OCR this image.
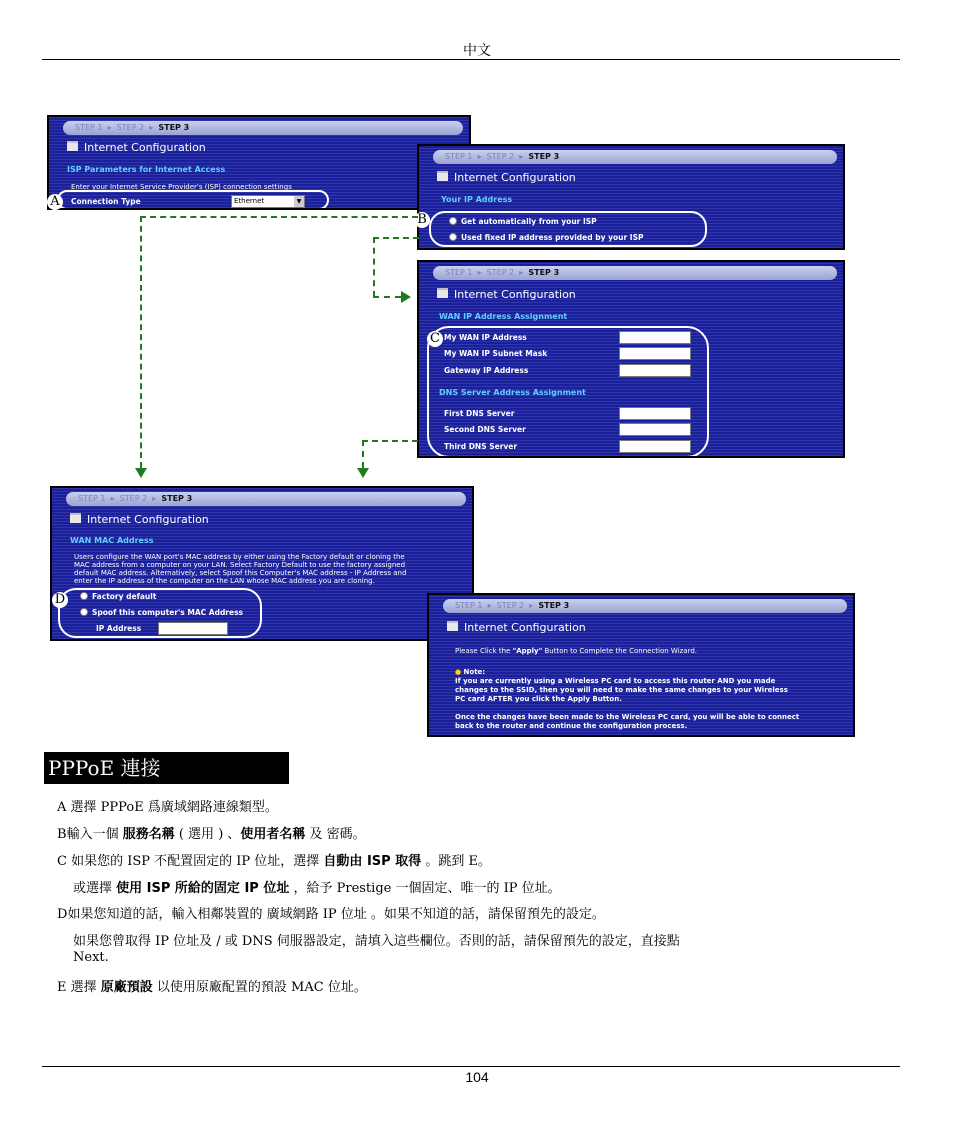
中文
STEP 1  ▸  STEP 2  ▸  STEP 3
Internet Configuration
ISP Parameters for Internet Access
Enter your Internet Service Provider's (ISP) connection settings
Connection Type	Ethernet	▼
A
STEP 1  ▸  STEP 2  ▸  STEP 3
Internet Configuration
Your IP Address
Get automatically from your ISP
Used fixed IP address provided by your ISP
B
STEP 1  ▸  STEP 2  ▸  STEP 3
Internet Configuration
WAN IP Address Assignment
My WAN IP Address
My WAN IP Subnet Mask
Gateway IP Address
DNS Server Address Assignment
First DNS Server
Second DNS Server
Third DNS Server
C
STEP 1  ▸  STEP 2  ▸  STEP 3
Internet Configuration
WAN MAC Address
Users configure the WAN port's MAC address by either using the Factory default or cloning the
MAC address from a computer on your LAN. Select Factory Default to use the factory assigned
default MAC address. Alternatively, select Spoof this Computer's MAC address - IP Address and
enter the IP address of the computer on the LAN whose MAC address you are cloning.
Factory default
Spoof this computer's MAC Address
IP Address
D	STEP 1  ▸  STEP 2  ▸  STEP 3
Internet Configuration
Please Click the "Apply" Button to Complete the Connection Wizard.
● Note:
If you are currently using a Wireless PC card to access this router AND you made
changes to the SSID, then you will need to make the same changes to your Wireless
PC card AFTER you click the Apply Button.
Once the changes have been made to the Wireless PC card, you will be able to connect
back to the router and continue the configuration process.
PPPoE 連接
A 選擇 PPPoE 爲廣域網路連線類型。
B輸入一個 服務名稱 ( 選用 ) 、使用者名稱 及 密碼。
C 如果您的 ISP 不配置固定的 IP 位址，選擇 自動由 ISP 取得 。跳到 E。
或選擇 使用 ISP 所給的固定 IP 位址 ，給予 Prestige 一個固定、唯一的 IP 位址。
D如果您知道的話，輸入相鄰裝置的 廣域網路 IP 位址 。如果不知道的話，請保留預先的設定。
如果您曾取得 IP 位址及 / 或 DNS 伺服器設定，請填入這些欄位。否則的話，請保留預先的設定，直接點
Next.
E 選擇 原廠預設 以使用原廠配置的預設 MAC 位址。
104
